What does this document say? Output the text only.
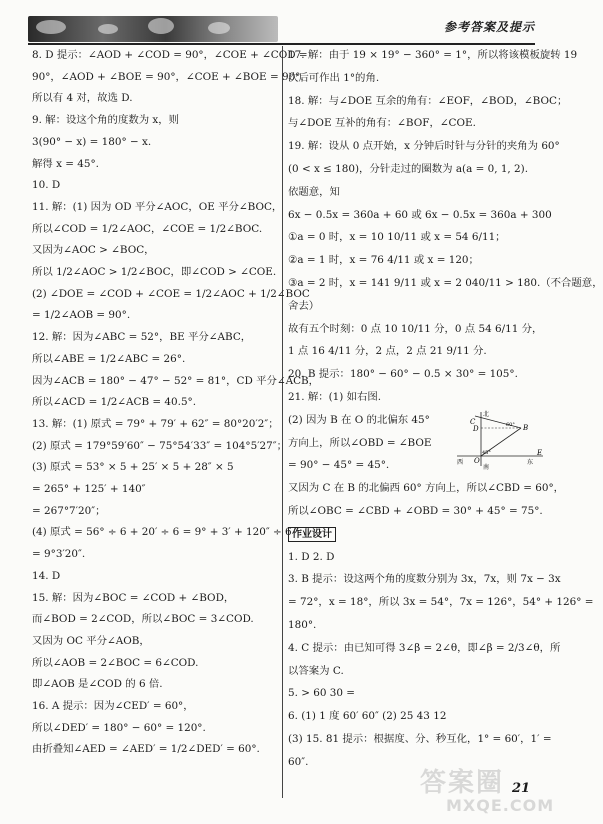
参考答案及提示
8. D 提示：∠AOD + ∠COD = 90°，∠COE + ∠COD =
90°，∠AOD + ∠BOE = 90°，∠COE + ∠BOE = 90°.
所以有 4 对，故选 D.
9. 解：设这个角的度数为 x，则
3(90° − x) = 180° − x.
解得 x = 45°.
10. D
11. 解：(1) 因为 OD 平分∠AOC，OE 平分∠BOC，
所以∠COD = 1/2∠AOC，∠COE = 1/2∠BOC.
又因为∠AOC > ∠BOC，
所以 1/2∠AOC > 1/2∠BOC，即∠COD > ∠COE.
(2) ∠DOE = ∠COD + ∠COE = 1/2∠AOC + 1/2∠BOC
= 1/2∠AOB = 90°.
12. 解：因为∠ABC = 52°，BE 平分∠ABC，
所以∠ABE = 1/2∠ABC = 26°.
因为∠ACB = 180° − 47° − 52° = 81°，CD 平分∠ACB，
所以∠ACD = 1/2∠ACB = 40.5°.
13. 解：(1) 原式 = 79° + 79′ + 62″ = 80°20′2″；
(2) 原式 = 179°59′60″ − 75°54′33″ = 104°5′27″；
(3) 原式 = 53° × 5 + 25′ × 5 + 28″ × 5
= 265° + 125′ + 140″
= 267°7′20″；
(4) 原式 = 56° ÷ 6 + 20′ ÷ 6 = 9° + 3′ + 120″ ÷ 6
= 9°3′20″.
14. D
15. 解：因为∠BOC = ∠COD + ∠BOD，
而∠BOD = 2∠COD，所以∠BOC = 3∠COD.
又因为 OC 平分∠AOB，
所以∠AOB = 2∠BOC = 6∠COD.
即∠AOB 是∠COD 的 6 倍.
16. A 提示：因为∠CED′ = 60°，
所以∠DED′ = 180° − 60° = 120°.
由折叠知∠AED = ∠AED′ = 1/2∠DED′ = 60°.
17. 解：由于 19 × 19° − 360° = 1°，所以将该模板旋转 19
次后可作出 1°的角.
18. 解：与∠DOE 互余的角有：∠EOF，∠BOD，∠BOC；
与∠DOE 互补的角有：∠BOF，∠COE.
19. 解：设从 0 点开始，x 分钟后时针与分针的夹角为 60°
(0 < x ≤ 180)，分针走过的圈数为 a(a = 0, 1, 2).
依题意，知
6x − 0.5x = 360a + 60 或 6x − 0.5x = 360a + 300
①a = 0 时，x = 10 10/11 或 x = 54 6/11；
②a = 1 时，x = 76 4/11 或 x = 120；
③a = 2 时，x = 141 9/11 或 x = 2 040/11 > 180.（不合题意，
舍去）
故有五个时刻：0 点 10 10/11 分，0 点 54 6/11 分，
1 点 16 4/11 分，2 点，2 点 21 9/11 分.
20. B 提示：180° − 60° − 0.5 × 30° = 105°.
21. 解：(1) 如右图.
(2) 因为 B 在 O 的北偏东 45°
方向上，所以∠OBD = ∠BOE
= 90° − 45° = 45°.
又因为 C 在 B 的北偏西 60° 方向上，所以∠CBD = 60°，
所以∠OBC = ∠CBD + ∠OBD = 30° + 45° = 75°.
作业设计
1. D 2. D
3. B 提示：设这两个角的度数分别为 3x，7x，则 7x − 3x
= 72°，x = 18°，所以 3x = 54°，7x = 126°，54° + 126° =
180°.
4. C 提示：由已知可得 3∠β = 2∠θ，即∠β = 2/3∠θ，所
以答案为 C.
5. > 60 30 =
6. (1) 1 度 60′ 60″ (2) 25 43 12
(3) 15. 81 提示：根据度、分、秒互化，1° = 60′，1′ =
60″.
北
C
D	B
45°
60°
O
西	东
E
南
答案圈
MXQE.COM
21
